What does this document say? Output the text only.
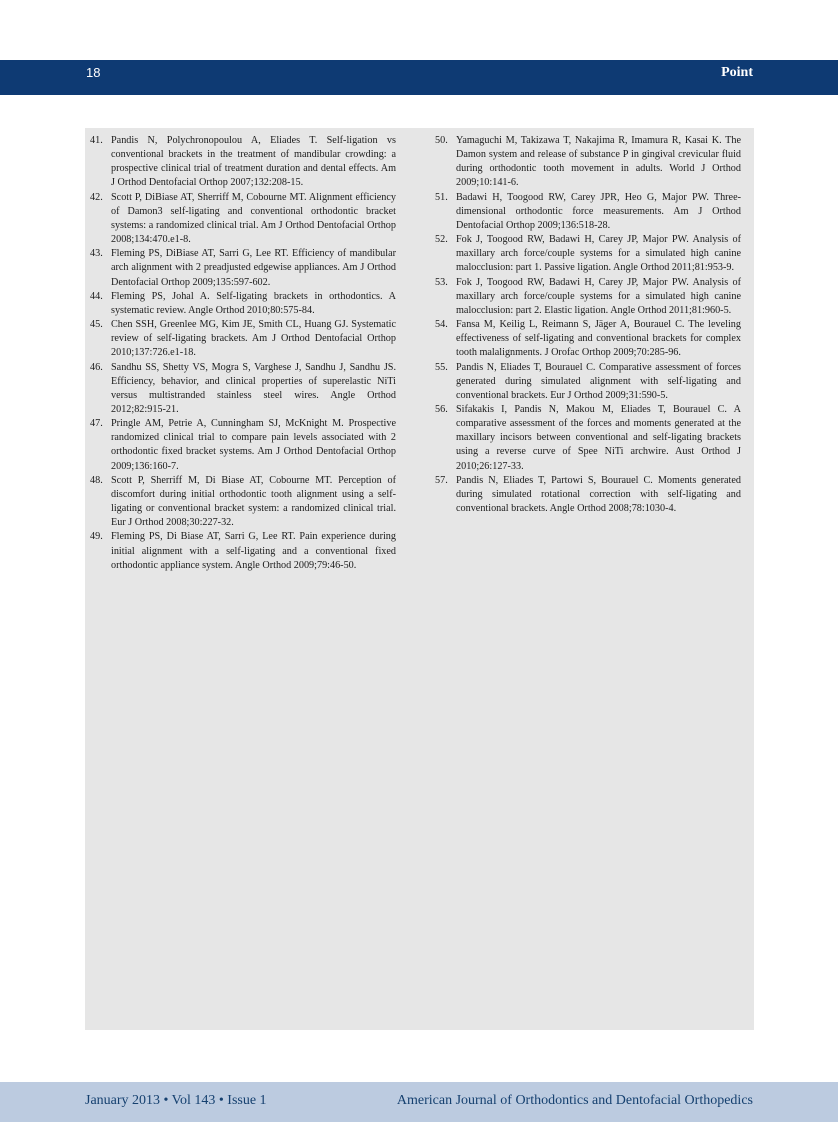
18	Point
41. Pandis N, Polychronopoulou A, Eliades T. Self-ligation vs conventional brackets in the treatment of mandibular crowding: a prospective clinical trial of treatment duration and dental effects. Am J Orthod Dentofacial Orthop 2007;132:208-15.
42. Scott P, DiBiase AT, Sherriff M, Cobourne MT. Alignment efficiency of Damon3 self-ligating and conventional orthodontic bracket systems: a randomized clinical trial. Am J Orthod Dentofacial Orthop 2008;134:470.e1-8.
43. Fleming PS, DiBiase AT, Sarri G, Lee RT. Efficiency of mandibular arch alignment with 2 preadjusted edgewise appliances. Am J Orthod Dentofacial Orthop 2009;135:597-602.
44. Fleming PS, Johal A. Self-ligating brackets in orthodontics. A systematic review. Angle Orthod 2010;80:575-84.
45. Chen SSH, Greenlee MG, Kim JE, Smith CL, Huang GJ. Systematic review of self-ligating brackets. Am J Orthod Dentofacial Orthop 2010;137:726.e1-18.
46. Sandhu SS, Shetty VS, Mogra S, Varghese J, Sandhu J, Sandhu JS. Efficiency, behavior, and clinical properties of superelastic NiTi versus multistranded stainless steel wires. Angle Orthod 2012;82:915-21.
47. Pringle AM, Petrie A, Cunningham SJ, McKnight M. Prospective randomized clinical trial to compare pain levels associated with 2 orthodontic fixed bracket systems. Am J Orthod Dentofacial Orthop 2009;136:160-7.
48. Scott P, Sherriff M, Di Biase AT, Cobourne MT. Perception of discomfort during initial orthodontic tooth alignment using a self-ligating or conventional bracket system: a randomized clinical trial. Eur J Orthod 2008;30:227-32.
49. Fleming PS, Di Biase AT, Sarri G, Lee RT. Pain experience during initial alignment with a self-ligating and a conventional fixed orthodontic appliance system. Angle Orthod 2009;79:46-50.
50. Yamaguchi M, Takizawa T, Nakajima R, Imamura R, Kasai K. The Damon system and release of substance P in gingival crevicular fluid during orthodontic tooth movement in adults. World J Orthod 2009;10:141-6.
51. Badawi H, Toogood RW, Carey JPR, Heo G, Major PW. Three-dimensional orthodontic force measurements. Am J Orthod Dentofacial Orthop 2009;136:518-28.
52. Fok J, Toogood RW, Badawi H, Carey JP, Major PW. Analysis of maxillary arch force/couple systems for a simulated high canine malocclusion: part 1. Passive ligation. Angle Orthod 2011;81:953-9.
53. Fok J, Toogood RW, Badawi H, Carey JP, Major PW. Analysis of maxillary arch force/couple systems for a simulated high canine malocclusion: part 2. Elastic ligation. Angle Orthod 2011;81:960-5.
54. Fansa M, Keilig L, Reimann S, Jäger A, Bourauel C. The leveling effectiveness of self-ligating and conventional brackets for complex tooth malalignments. J Orofac Orthop 2009;70:285-96.
55. Pandis N, Eliades T, Bourauel C. Comparative assessment of forces generated during simulated alignment with self-ligating and conventional brackets. Eur J Orthod 2009;31:590-5.
56. Sifakakis I, Pandis N, Makou M, Eliades T, Bourauel C. A comparative assessment of the forces and moments generated at the maxillary incisors between conventional and self-ligating brackets using a reverse curve of Spee NiTi archwire. Aust Orthod J 2010;26:127-33.
57. Pandis N, Eliades T, Partowi S, Bourauel C. Moments generated during simulated rotational correction with self-ligating and conventional brackets. Angle Orthod 2008;78:1030-4.
January 2013 • Vol 143 • Issue 1	American Journal of Orthodontics and Dentofacial Orthopedics
